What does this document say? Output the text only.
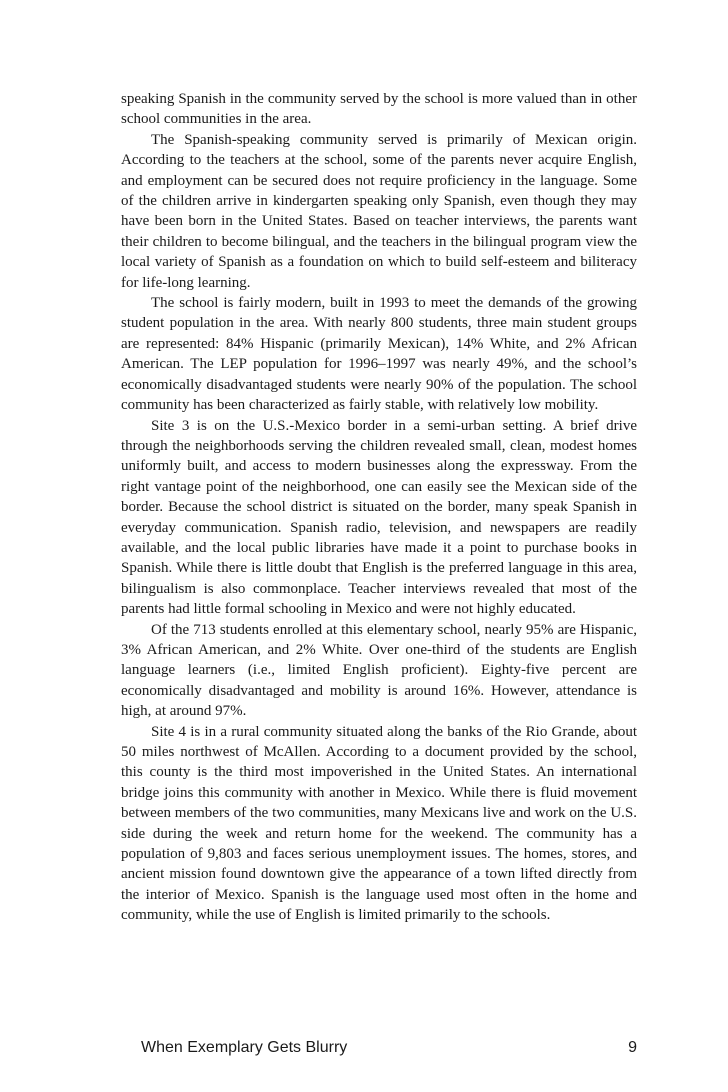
speaking Spanish in the community served by the school is more valued than in other school communities in the area.

The Spanish-speaking community served is primarily of Mexican origin. According to the teachers at the school, some of the parents never acquire English, and employment can be secured does not require proficiency in the language. Some of the children arrive in kindergarten speaking only Spanish, even though they may have been born in the United States. Based on teacher interviews, the parents want their children to become bilingual, and the teachers in the bilingual program view the local variety of Spanish as a foundation on which to build self-esteem and biliteracy for life-long learning.

The school is fairly modern, built in 1993 to meet the demands of the growing student population in the area. With nearly 800 students, three main student groups are represented: 84% Hispanic (primarily Mexican), 14% White, and 2% African American. The LEP population for 1996–1997 was nearly 49%, and the school’s economically disadvantaged students were nearly 90% of the population. The school community has been characterized as fairly stable, with relatively low mobility.

Site 3 is on the U.S.-Mexico border in a semi-urban setting. A brief drive through the neighborhoods serving the children revealed small, clean, modest homes uniformly built, and access to modern businesses along the expressway. From the right vantage point of the neighborhood, one can easily see the Mexican side of the border. Because the school district is situated on the border, many speak Spanish in everyday communication. Spanish radio, television, and newspapers are readily available, and the local public libraries have made it a point to purchase books in Spanish. While there is little doubt that English is the preferred language in this area, bilingualism is also commonplace. Teacher interviews revealed that most of the parents had little formal schooling in Mexico and were not highly educated.

Of the 713 students enrolled at this elementary school, nearly 95% are Hispanic, 3% African American, and 2% White. Over one-third of the students are English language learners (i.e., limited English proficient). Eighty-five percent are economically disadvantaged and mobility is around 16%. However, attendance is high, at around 97%.

Site 4 is in a rural community situated along the banks of the Rio Grande, about 50 miles northwest of McAllen. According to a document provided by the school, this county is the third most impoverished in the United States. An international bridge joins this community with another in Mexico. While there is fluid movement between members of the two communities, many Mexicans live and work on the U.S. side during the week and return home for the weekend. The community has a population of 9,803 and faces serious unemployment issues. The homes, stores, and ancient mission found downtown give the appearance of a town lifted directly from the interior of Mexico. Spanish is the language used most often in the home and community, while the use of English is limited primarily to the schools.

When Exemplary Gets Blurry	9
